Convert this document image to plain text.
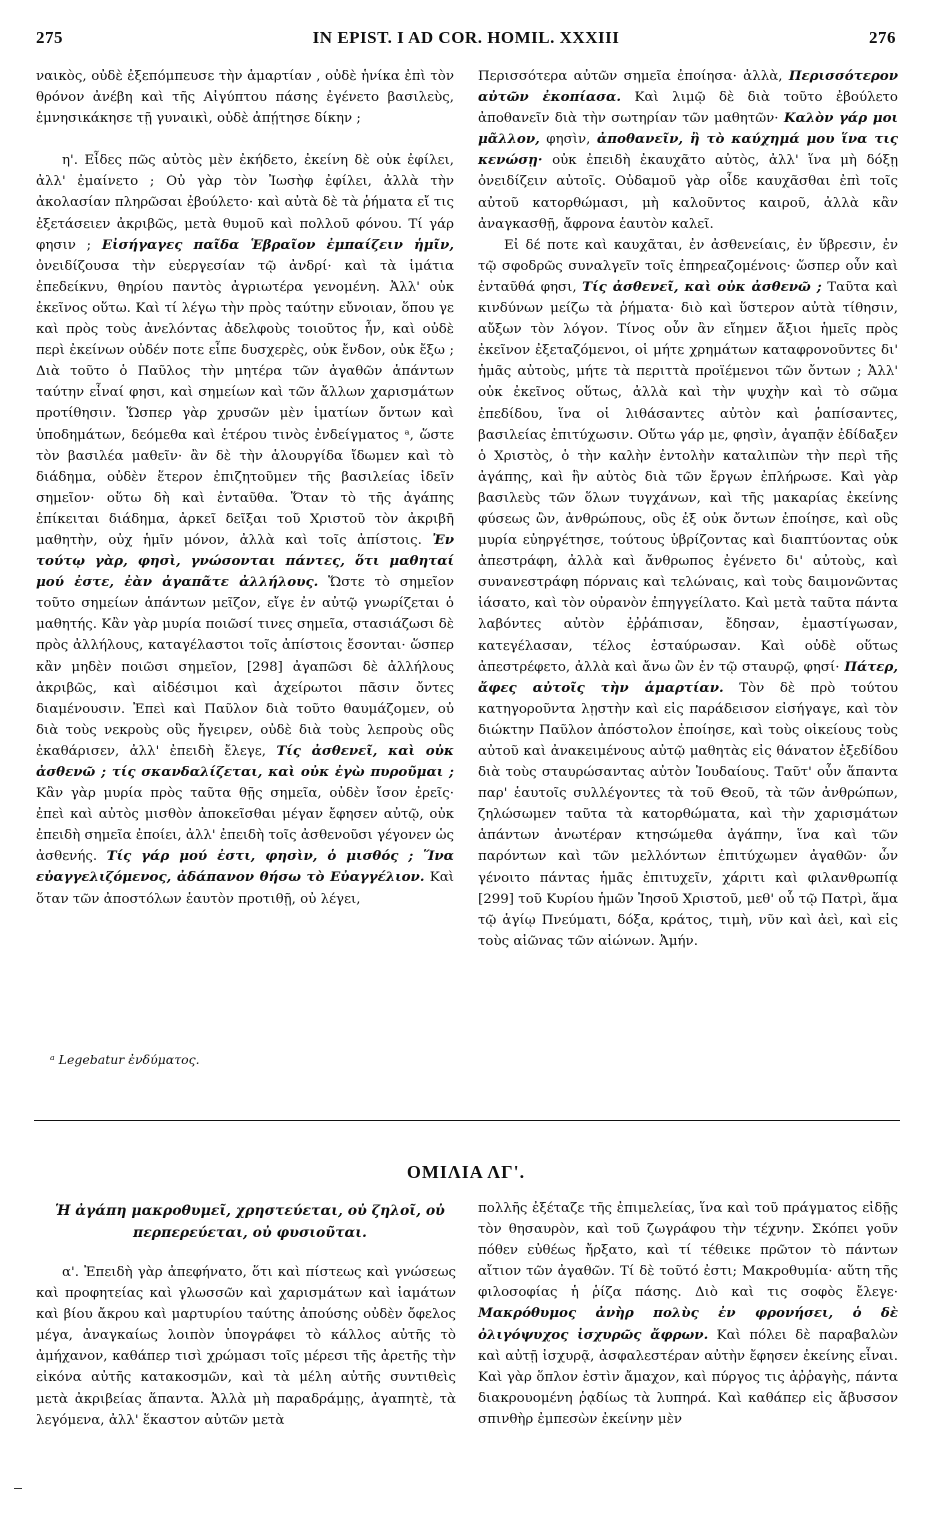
275	IN EPIST. I AD COR. HOMIL. XXXIII	276

ναικὸς, οὐδὲ ἐξεπόμπευσε τὴν ἁμαρτίαν , οὐδὲ ἡνίκα ἐπὶ τὸν θρόνον ἀνέβη καὶ τῆς Αἰγύπτου πάσης ἐγένετο βασιλεὺς, ἐμνησικάκησε τῇ γυναικὶ, οὐδὲ ἀπῄτησε δίκην ;

η'. Εἶδες πῶς αὐτὸς μὲν ἐκήδετο, ἐκείνη δὲ οὐκ ἐφίλει, ἀλλ' ἐμαίνετο ; Οὐ γὰρ τὸν Ἰωσὴφ ἐφίλει, ἀλλὰ τὴν ἀκολασίαν πληρῶσαι ἐβούλετο· καὶ αὐτὰ δὲ τὰ ῥήματα εἴ τις ἐξετάσειεν ἀκριβῶς, μετὰ θυμοῦ καὶ πολλοῦ φόνου. Τί γάρ φησιν ; Εἰσήγαγες παῖδα Ἑβραῖον ἐμπαίζειν ἡμῖν, ὀνειδίζουσα τὴν εὐεργεσίαν τῷ ἀνδρί· καὶ τὰ ἱμάτια ἐπεδείκνυ, θηρίου παντὸς ἀγριωτέρα γενομένη. Ἀλλ' οὐκ ἐκεῖνος οὕτω. Καὶ τί λέγω τὴν πρὸς ταύτην εὔνοιαν, ὅπου γε καὶ πρὸς τοὺς ἀνελόντας ἀδελφοὺς τοιοῦτος ἦν, καὶ οὐδὲ περὶ ἐκείνων οὐδέν ποτε εἶπε δυσχερὲς, οὐκ ἔνδον, οὐκ ἔξω ; Διὰ τοῦτο ὁ Παῦλος τὴν μητέρα τῶν ἀγαθῶν ἁπάντων ταύτην εἶναί φησι, καὶ σημείων καὶ τῶν ἄλλων χαρισμάτων προτίθησιν. Ὥσπερ γὰρ χρυσῶν μὲν ἱματίων ὄντων καὶ ὑποδημάτων, δεόμεθα καὶ ἑτέρου τινὸς ἐνδείγματος ᵃ, ὥστε τὸν βασιλέα μαθεῖν· ἂν δὲ τὴν ἁλουργίδα ἴδωμεν καὶ τὸ διάδημα, οὐδὲν ἕτερον ἐπιζητοῦμεν τῆς βασιλείας ἰδεῖν σημεῖον· οὕτω δὴ καὶ ἐνταῦθα. Ὅταν τὸ τῆς ἀγάπης ἐπίκειται διάδημα, ἀρκεῖ δεῖξαι τοῦ Χριστοῦ τὸν ἀκριβῆ μαθητὴν, οὐχ ἡμῖν μόνον, ἀλλὰ καὶ τοῖς ἀπίστοις. Ἐν τούτῳ γὰρ, φησὶ, γνώσονται πάντες, ὅτι μαθηταί μού ἐστε, ἐὰν ἀγαπᾶτε ἀλλήλους. Ὥστε τὸ σημεῖον τοῦτο σημείων ἁπάντων μεῖζον, εἴγε ἐν αὐτῷ γνωρίζεται ὁ μαθητής. Κἂν γὰρ μυρία ποιῶσί τινες σημεῖα, στασιάζωσι δὲ πρὸς ἀλλήλους, καταγέλαστοι τοῖς ἀπίστοις ἔσονται· ὥσπερ κἂν μηδὲν ποιῶσι σημεῖον, [298] ἀγαπῶσι δὲ ἀλλήλους ἀκριβῶς, καὶ αἰδέσιμοι καὶ ἀχείρωτοι πᾶσιν ὄντες διαμένουσιν. Ἐπεὶ καὶ Παῦλον διὰ τοῦτο θαυμάζομεν, οὐ διὰ τοὺς νεκροὺς οὓς ἤγειρεν, οὐδὲ διὰ τοὺς λεπροὺς οὓς ἐκαθάρισεν, ἀλλ' ἐπειδὴ ἔλεγε, Τίς ἀσθενεῖ, καὶ οὐκ ἀσθενῶ ; τίς σκανδαλίζεται, καὶ οὐκ ἐγὼ πυροῦμαι ; Κἂν γὰρ μυρία πρὸς ταῦτα θῇς σημεῖα, οὐδὲν ἴσον ἐρεῖς· ἐπεὶ καὶ αὐτὸς μισθὸν ἀποκεῖσθαι μέγαν ἔφησεν αὐτῷ, οὐκ ἐπειδὴ σημεῖα ἐποίει, ἀλλ' ἐπειδὴ τοῖς ἀσθενοῦσι γέγονεν ὡς ἀσθενής. Τίς γάρ μού ἐστι, φησὶν, ὁ μισθός ; Ἵνα εὐαγγελιζόμενος, ἀδάπανον θήσω τὸ Εὐαγγέλιον. Καὶ ὅταν τῶν ἀποστόλων ἑαυτὸν προτιθῇ, οὐ λέγει,

Περισσότερα αὐτῶν σημεῖα ἐποίησα· ἀλλὰ, Περισσότερον αὐτῶν ἐκοπίασα. Καὶ λιμῷ δὲ διὰ τοῦτο ἐβούλετο ἀποθανεῖν διὰ τὴν σωτηρίαν τῶν μαθητῶν· Καλὸν γάρ μοι μᾶλλον, φησὶν, ἀποθανεῖν, ἢ τὸ καύχημά μου ἵνα τις κενώσῃ· οὐκ ἐπειδὴ ἐκαυχᾶτο αὐτὸς, ἀλλ' ἵνα μὴ δόξῃ ὀνειδίζειν αὐτοῖς. Οὐδαμοῦ γὰρ οἶδε καυχᾶσθαι ἐπὶ τοῖς αὐτοῦ κατορθώμασι, μὴ καλοῦντος καιροῦ, ἀλλὰ κἂν ἀναγκασθῇ, ἄφρονα ἑαυτὸν καλεῖ.

Εἰ δέ ποτε καὶ καυχᾶται, ἐν ἀσθενείαις, ἐν ὕβρεσιν, ἐν τῷ σφοδρῶς συναλγεῖν τοῖς ἐπηρεαζομένοις· ὥσπερ οὖν καὶ ἐνταῦθά φησι, Τίς ἀσθενεῖ, καὶ οὐκ ἀσθενῶ ; Ταῦτα καὶ κινδύνων μείζω τὰ ῥήματα· διὸ καὶ ὕστερον αὐτὰ τίθησιν, αὔξων τὸν λόγον. Τίνος οὖν ἂν εἴημεν ἄξιοι ἡμεῖς πρὸς ἐκεῖνον ἐξεταζόμενοι, οἱ μήτε χρημάτων καταφρονοῦντες δι' ἡμᾶς αὐτοὺς, μήτε τὰ περιττὰ προϊέμενοι τῶν ὄντων ; Ἀλλ' οὐκ ἐκεῖνος οὕτως, ἀλλὰ καὶ τὴν ψυχὴν καὶ τὸ σῶμα ἐπεδίδου, ἵνα οἱ λιθάσαντες αὐτὸν καὶ ῥαπίσαντες, βασιλείας ἐπιτύχωσιν. Οὕτω γάρ με, φησὶν, ἀγαπᾷν ἐδίδαξεν ὁ Χριστὸς, ὁ τὴν καλὴν ἐντολὴν καταλιπὼν τὴν περὶ τῆς ἀγάπης, καὶ ἣν αὐτὸς διὰ τῶν ἔργων ἐπλήρωσε. Καὶ γὰρ βασιλεὺς τῶν ὅλων τυγχάνων, καὶ τῆς μακαρίας ἐκείνης φύσεως ὢν, ἀνθρώπους, οὓς ἐξ οὐκ ὄντων ἐποίησε, καὶ οὓς μυρία εὐηργέτησε, τούτους ὑβρίζοντας καὶ διαπτύοντας οὐκ ἀπεστράφη, ἀλλὰ καὶ ἄνθρωπος ἐγένετο δι' αὐτοὺς, καὶ συνανεστράφη πόρναις καὶ τελώναις, καὶ τοὺς δαιμονῶντας ἰάσατο, καὶ τὸν οὐρανὸν ἐπηγγείλατο. Καὶ μετὰ ταῦτα πάντα λαβόντες αὐτὸν ἐῤῥάπισαν, ἔδησαν, ἐμαστίγωσαν, κατεγέλασαν, τέλος ἐσταύρωσαν. Καὶ οὐδὲ οὕτως ἀπεστρέφετο, ἀλλὰ καὶ ἄνω ὢν ἐν τῷ σταυρῷ, φησί· Πάτερ, ἄφες αὐτοῖς τὴν ἁμαρτίαν. Τὸν δὲ πρὸ τούτου κατηγοροῦντα λῃστὴν καὶ εἰς παράδεισον εἰσήγαγε, καὶ τὸν διώκτην Παῦλον ἀπόστολον ἐποίησε, καὶ τοὺς οἰκείους τοὺς αὐτοῦ καὶ ἀνακειμένους αὐτῷ μαθητὰς εἰς θάνατον ἐξεδίδου διὰ τοὺς σταυρώσαντας αὐτὸν Ἰουδαίους. Ταῦτ' οὖν ἅπαντα παρ' ἑαυτοῖς συλλέγοντες τὰ τοῦ Θεοῦ, τὰ τῶν ἀνθρώπων, ζηλώσωμεν ταῦτα τὰ κατορθώματα, καὶ τὴν χαρισμάτων ἁπάντων ἀνωτέραν κτησώμεθα ἀγάπην, ἵνα καὶ τῶν παρόντων καὶ τῶν μελλόντων ἐπιτύχωμεν ἀγαθῶν· ὧν γένοιτο πάντας ἡμᾶς ἐπιτυχεῖν, χάριτι καὶ φιλανθρωπίᾳ [299] τοῦ Κυρίου ἡμῶν Ἰησοῦ Χριστοῦ, μεθ' οὗ τῷ Πατρὶ, ἅμα τῷ ἁγίῳ Πνεύματι, δόξα, κράτος, τιμὴ, νῦν καὶ ἀεὶ, καὶ εἰς τοὺς αἰῶνας τῶν αἰώνων. Ἀμήν.

ᵃ Legebatur ἐνδύματος.
ΟΜΙΛΙΑ ΛΓ'.
Ἡ ἀγάπη μακροθυμεῖ, χρηστεύεται, οὐ ζηλοῖ, οὐ περπερεύεται, οὐ φυσιοῦται.

α'. Ἐπειδὴ γὰρ ἀπεφήνατο, ὅτι καὶ πίστεως καὶ γνώσεως καὶ προφητείας καὶ γλωσσῶν καὶ χαρισμάτων καὶ ἰαμάτων καὶ βίου ἄκρου καὶ μαρτυρίου ταύτης ἀπούσης οὐδὲν ὄφελος μέγα, ἀναγκαίως λοιπὸν ὑπογράφει τὸ κάλλος αὐτῆς τὸ ἀμήχανον, καθάπερ τισὶ χρώμασι τοῖς μέρεσι τῆς ἀρετῆς τὴν εἰκόνα αὐτῆς κατακοσμῶν, καὶ τὰ μέλη αὐτῆς συντιθεὶς μετὰ ἀκριβείας ἅπαντα. Ἀλλὰ μὴ παραδράμῃς, ἀγαπητὲ, τὰ λεγόμενα, ἀλλ' ἕκαστον αὐτῶν μετὰ

πολλῆς ἐξέταζε τῆς ἐπιμελείας, ἵνα καὶ τοῦ πράγματος εἰδῇς τὸν θησαυρὸν, καὶ τοῦ ζωγράφου τὴν τέχνην. Σκόπει γοῦν πόθεν εὐθέως ἤρξατο, καὶ τί τέθεικε πρῶτον τὸ πάντων αἴτιον τῶν ἀγαθῶν. Τί δὲ τοῦτό ἐστι; Μακροθυμία· αὕτη τῆς φιλοσοφίας ἡ ῥίζα πάσης. Διὸ καὶ τις σοφὸς ἔλεγε· Μακρόθυμος ἀνὴρ πολὺς ἐν φρονήσει, ὁ δὲ ὀλιγόψυχος ἰσχυρῶς ἄφρων. Καὶ πόλει δὲ παραβαλὼν καὶ αὐτῇ ἰσχυρᾷ, ἀσφαλεστέραν αὐτὴν ἔφησεν ἐκείνης εἶναι. Καὶ γὰρ ὅπλον ἐστὶν ἄμαχον, καὶ πύργος τις ἀῤῥαγὴς, πάντα διακρουομένη ῥᾳδίως τὰ λυπηρά. Καὶ καθάπερ εἰς ἄβυσσον σπινθὴρ ἐμπεσὼν ἐκείνην μὲν
